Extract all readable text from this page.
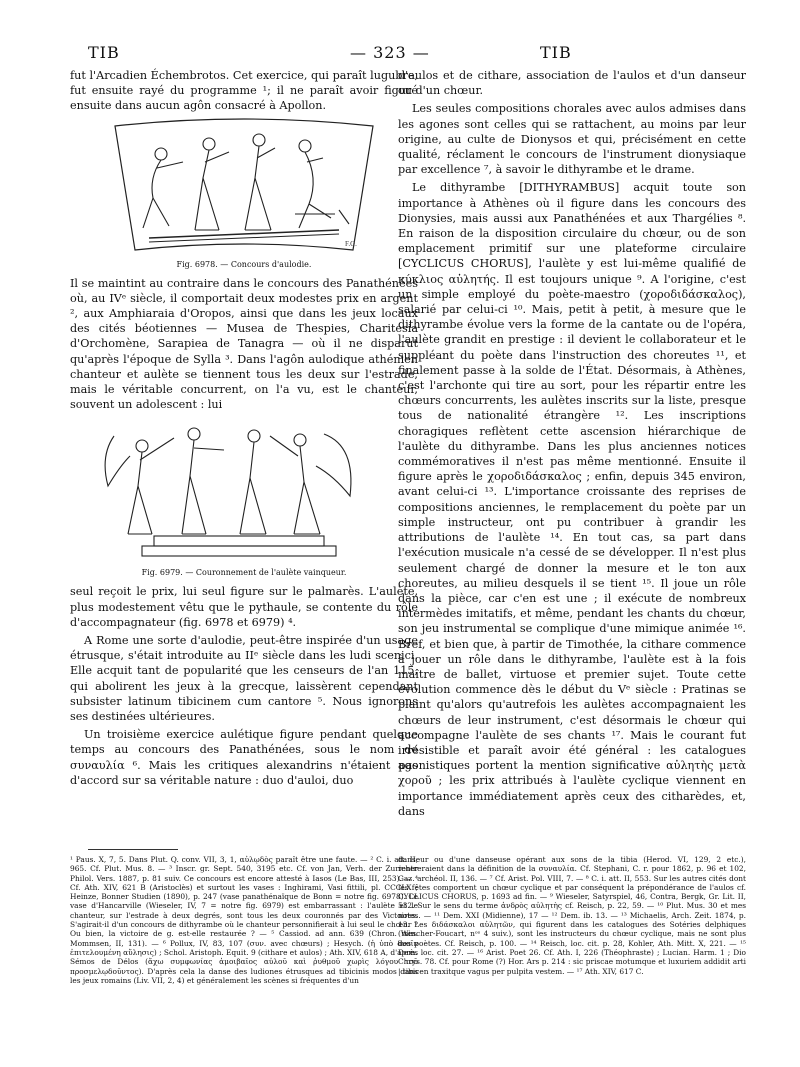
TIB	— 323 —	TIB

fut l'Arcadien Échembrotos. Cet exercice, qui paraît lugubre, fut ensuite rayé du programme ¹; il ne paraît avoir figuré ensuite dans aucun agôn consacré à Apollon.

F.G.
Fig. 6978. — Concours d'aulodie.

Il se maintint au contraire dans le concours des Panathénées où, au IVᵉ siècle, il comportait deux modestes prix en argent ², aux Amphiaraia d'Oropos, ainsi que dans les jeux locaux des cités béotiennes — Musea de Thespies, Charitesia d'Orchomène, Sarapiea de Tanagra — où il ne disparut qu'après l'époque de Sylla ³. Dans l'agôn aulodique athénien chanteur et aulète se tiennent tous les deux sur l'estrade, mais le véritable concurrent, on l'a vu, est le chanteur, souvent un adolescent : lui

Fig. 6979. — Couronnement de l'aulète vainqueur.

seul reçoit le prix, lui seul figure sur le palmarès. L'aulète, plus modestement vêtu que le pythaule, se contente du rôle d'accompagnateur (fig. 6978 et 6979) ⁴.

A Rome une sorte d'aulodie, peut-être inspirée d'un usage étrusque, s'était introduite au IIᵉ siècle dans les ludi scenici. Elle acquit tant de popularité que les censeurs de l'an 115, qui abolirent les jeux à la grecque, laissèrent cependant subsister latinum tibicinem cum cantore ⁵. Nous ignorons ses destinées ultérieures.

Un troisième exercice aulétique figure pendant quelque temps au concours des Panathénées, sous le nom de συναυλία ⁶. Mais les critiques alexandrins n'étaient pas d'accord sur sa véritable nature : duo d'auloi, duo

d'aulos et de cithare, association de l'aulos et d'un danseur ou d'un chœur.

Les seules compositions chorales avec aulos admises dans les agones sont celles qui se rattachent, au moins par leur origine, au culte de Dionysos et qui, précisément en cette qualité, réclament le concours de l'instrument dionysiaque par excellence ⁷, à savoir le dithyrambe et le drame.

Le dithyrambe [DITHYRAMBUS] acquit toute son importance à Athènes où il figure dans les concours des Dionysies, mais aussi aux Panathénées et aux Thargélies ⁸. En raison de la disposition circulaire du chœur, ou de son emplacement primitif sur une plateforme circulaire [CYCLICUS CHORUS], l'aulète y est lui-même qualifié de κύκλιος αὐλητής. Il est toujours unique ⁹. A l'origine, c'est un simple employé du poète-maestro (χοροδιδάσκαλος), salarié par celui-ci ¹⁰. Mais, petit à petit, à mesure que le dithyrambe évolue vers la forme de la cantate ou de l'opéra, l'aulète grandit en prestige : il devient le collaborateur et le suppléant du poète dans l'instruction des choreutes ¹¹, et finalement passe à la solde de l'État. Désormais, à Athènes, c'est l'archonte qui tire au sort, pour les répartir entre les chœurs concurrents, les aulètes inscrits sur la liste, presque tous de nationalité étrangère ¹². Les inscriptions choragiques reflètent cette ascension hiérarchique de l'aulète du dithyrambe. Dans les plus anciennes notices commémoratives il n'est pas même mentionné. Ensuite il figure après le χοροδιδάσκαλος ; enfin, depuis 345 environ, avant celui-ci ¹³. L'importance croissante des reprises de compositions anciennes, le remplacement du poète par un simple instructeur, ont pu contribuer à grandir les attributions de l'aulète ¹⁴. En tout cas, sa part dans l'exécution musicale n'a cessé de se développer. Il n'est plus seulement chargé de donner la mesure et le ton aux choreutes, au milieu desquels il se tient ¹⁵. Il joue un rôle dans la pièce, car c'en est une ; il exécute de nombreux intermèdes imitatifs, et même, pendant les chants du chœur, son jeu instrumental se complique d'une mimique animée ¹⁶. Bref, et bien que, à partir de Timothée, la cithare commence à jouer un rôle dans le dithyrambe, l'aulète est à la fois maître de ballet, virtuose et premier sujet. Toute cette évolution commence dès le début du Vᵉ siècle : Pratinas se plaint qu'alors qu'autrefois les aulètes accompagnaient les chœurs de leur instrument, c'est désormais le chœur qui accompagne l'aulète de ses chants ¹⁷. Mais le courant fut irrésistible et paraît avoir été général : les catalogues agonistiques portent la mention significative αὐλητὴς μετὰ χοροῦ ; les prix attribués à l'aulète cyclique viennent en importance immédiatement après ceux des citharèdes, et, dans

¹ Paus. X, 7, 5. Dans Plut. Q. conv. VII, 3, 1, αὐλῳδὸς paraît être une faute. — ² C. i. att. II, 965. Cf. Plut. Mus. 8. — ³ Inscr. gr. Sept. 540, 3195 etc. Cf. von Jan, Verh. der Zuricher Philol. Vers. 1887, p. 81 suiv. Ce concours est encore attesté à Iasos (Le Bas, III, 253). — ⁴ Cf. Ath. XIV, 621 B (Aristoclès) et surtout les vases : Inghirami, Vasi fittili, pl. CCCLX ; Heinze, Bonner Studien (1890), p. 247 (vase panathénaïque de Bonn = notre fig. 6978). Le vase d'Hancarville (Wieseler, IV, 7 = notre fig. 6979) est embarrassant : l'aulète et le chanteur, sur l'estrade à deux degrés, sont tous les deux couronnés par des Victoires. S'agirait-il d'un concours de dithyrambe où le chanteur personnifierait à lui seul le chœur ? Ou bien, la victoire de g. est-elle restaurée ? — ⁵ Cassiod. ad ann. 639 (Chron. min. Mommsen, II, 131). — ⁶ Pollux, IV, 83, 107 (συν. avec chœurs) ; Hesych. (ἡ ὑπὸ δυοῖν ἐπιτελουμένη αὔλησις) ; Schol. Aristoph. Equit. 9 (cithare et aulos) ; Ath. XIV, 618 A, d'après Sémos de Délos (ἄχω συμφωνίας ἀμοιβαῖος αὐλοῦ καὶ ῥυθμοῦ χωρὶς λόγου τοῦ προσμελῳδοῦντος). D'après cela la danse des ludiones étrusques ad tibicinis modos dans les jeux romains (Liv. VII, 2, 4) et généralement les scènes si fréquentes d'un
danseur ou d'une danseuse opérant aux sons de la tibia (Herod. VI, 129, 2 etc.), rentreraient dans la définition de la συναυλία. Cf. Stephani, C. r. pour 1862, p. 96 et 102, Gaz. archéol. II, 136. — ⁷ Cf. Arist. Pol. VIII, 7. — ⁸ C. i. att. II, 553. Sur les autres cités dont les fêtes comportent un chœur cyclique et par conséquent la prépondérance de l'aulos cf. CYCLICUS CHORUS, p. 1693 ad fin. — ⁹ Wieseler, Satyrspiel, 46, Contra, Bergk, Gr. Lit. II, 532. Sur le sens du terme ἀνδρὸς αὐλητὴς cf. Reisch, p. 22, 59. — ¹⁰ Plut. Mus. 30 et mes notes. — ¹¹ Dem. XXI (Midienne), 17 — ¹² Dem. ib. 13. — ¹³ Michaelis, Arch. Zeit. 1874, p. 13. Les διδάσκαλοι αὐλητῶν, qui figurent dans les catalogues des Sotéries delphiques (Wescher-Foucart, nᵒˢ 4 suiv.), sont les instructeurs du chœur cyclique, mais ne sont plus des poètes. Cf. Reisch, p. 100. — ¹⁴ Reisch, loc. cit. p. 28, Kohler, Ath. Mitt. X, 221. — ¹⁵ Dem. loc. cit. 27. — ¹⁶ Arist. Poet 26. Cf. Ath. I, 226 (Théophraste) ; Lucian. Harm. 1 ; Dio Chrys. 78. Cf. pour Rome (?) Hor. Ars p. 214 : sic priscae motumque et luxuriem addidit arti | tibicen traxitque vagus per pulpita vestem. — ¹⁷ Ath. XIV, 617 C.
